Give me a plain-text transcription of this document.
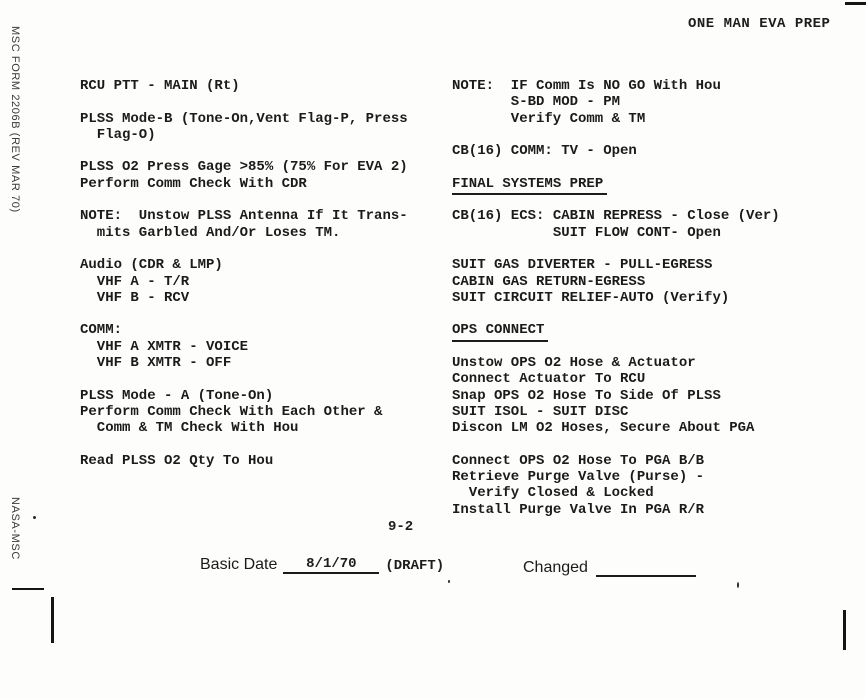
MSC FORM 2206B (REV MAR 70)
NASA-MSC
ONE MAN EVA PREP
RCU PTT - MAIN (Rt)
PLSS Mode-B (Tone-On,Vent Flag-P, Press
Flag-O)
PLSS O2 Press Gage >85% (75% For EVA 2)
Perform Comm Check With CDR
NOTE:  Unstow PLSS Antenna If It Trans-
mits Garbled And/Or Loses TM.
Audio (CDR & LMP)
VHF A - T/R
VHF B - RCV
COMM:
VHF A XMTR - VOICE
VHF B XMTR - OFF
PLSS Mode - A (Tone-On)
Perform Comm Check With Each Other &
Comm & TM Check With Hou
Read PLSS O2 Qty To Hou
NOTE:  IF Comm Is NO GO With Hou
S-BD MOD - PM
Verify Comm & TM
CB(16) COMM: TV - Open
FINAL SYSTEMS PREP
CB(16) ECS: CABIN REPRESS - Close (Ver)
SUIT FLOW CONT- Open
SUIT GAS DIVERTER - PULL-EGRESS
CABIN GAS RETURN-EGRESS
SUIT CIRCUIT RELIEF-AUTO (Verify)
OPS CONNECT
Unstow OPS O2 Hose & Actuator
Connect Actuator To RCU
Snap OPS O2 Hose To Side Of PLSS
SUIT ISOL - SUIT DISC
Discon LM O2 Hoses, Secure About PGA
Connect OPS O2 Hose To PGA B/B
Retrieve Purge Valve (Purse) -
Verify Closed & Locked
Install Purge Valve In PGA R/R
9-2
Basic Date 8/1/70 (DRAFT)	Changed
